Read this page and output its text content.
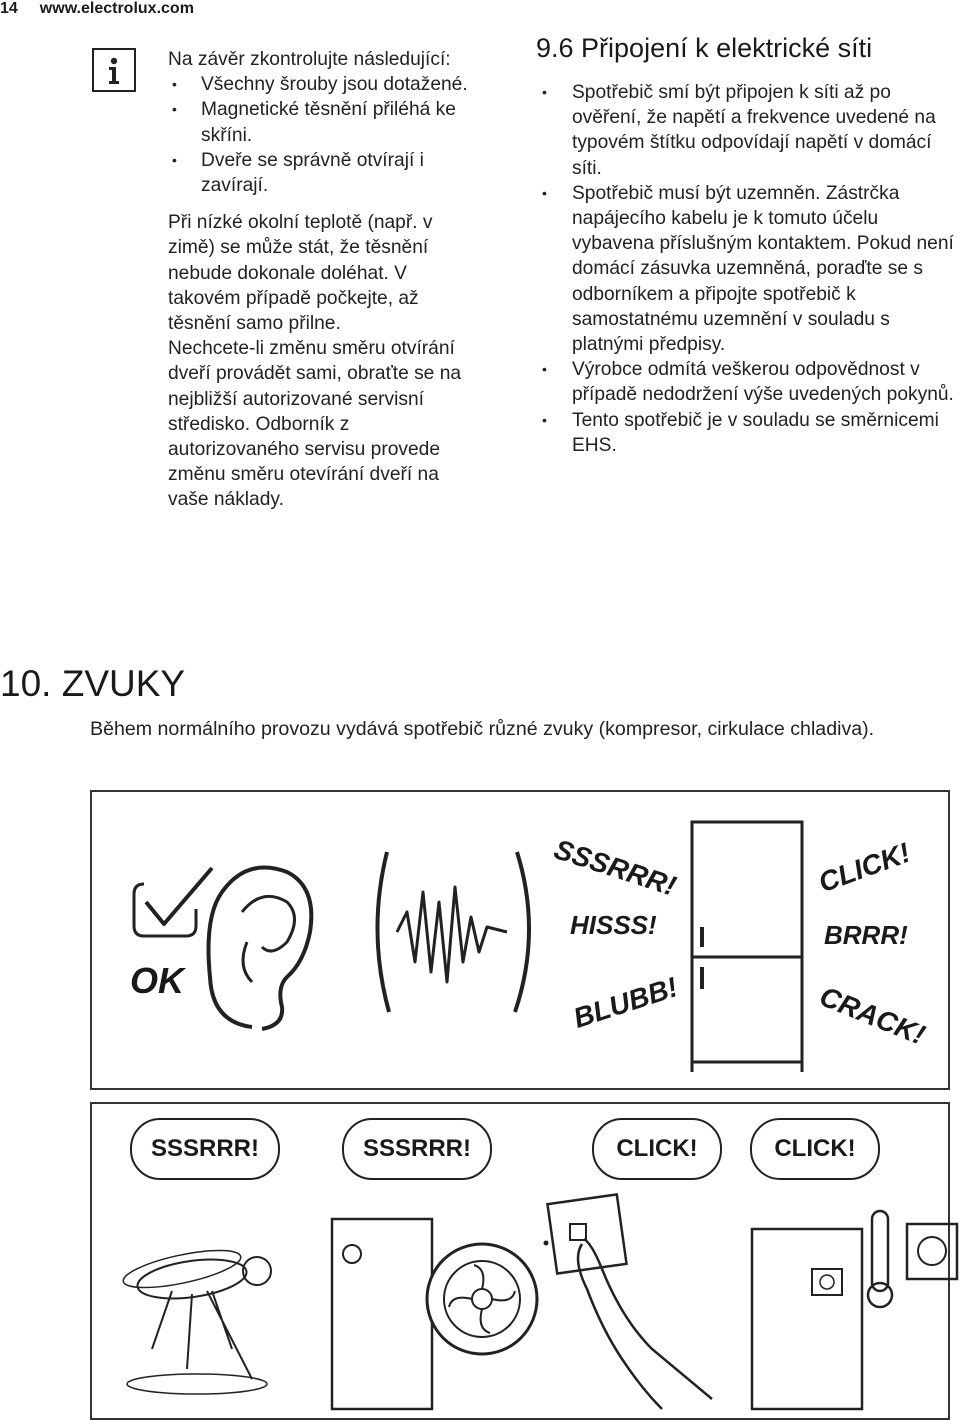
14 www.electrolux.com

Na závěr zkontrolujte následující:

• Všechny šrouby jsou dotažené.
• Magnetické těsnění přiléhá ke skříni.
• Dveře se správně otvírají i zavírají.

Při nízké okolní teplotě (např. v zimě) se může stát, že těsnění nebude dokonale doléhat. V takovém případě počkejte, až těsnění samo přilne.

Nechcete-li změnu směru otvírání dveří provádět sami, obraťte se na nejbližší autorizované servisní středisko. Odborník z autorizovaného servisu provede změnu směru otevírání dveří na vaše náklady.

9.6 Připojení k elektrické síti
• Spotřebič smí být připojen k síti až po ověření, že napětí a frekvence uvedené na typovém štítku odpovídají napětí v domácí síti.
• Spotřebič musí být uzemněn. Zástrčka napájecího kabelu je k tomuto účelu vybavena příslušným kontaktem. Pokud není domácí zásuvka uzemněná, poraďte se s odborníkem a připojte spotřebič k samostatnému uzemnění v souladu s platnými předpisy.
• Výrobce odmítá veškerou odpovědnost v případě nedodržení výše uvedených pokynů.
• Tento spotřebič je v souladu se směrnicemi EHS.
10. ZVUKY
Během normálního provozu vydává spotřebič různé zvuky (kompresor, cirkulace chladiva).
OK
SSSRRR!
HISSS!
BLUBB!
CLICK!
BRRR!
CRACK!
SSSRRR!	SSSRRR!	CLICK!	CLICK!
